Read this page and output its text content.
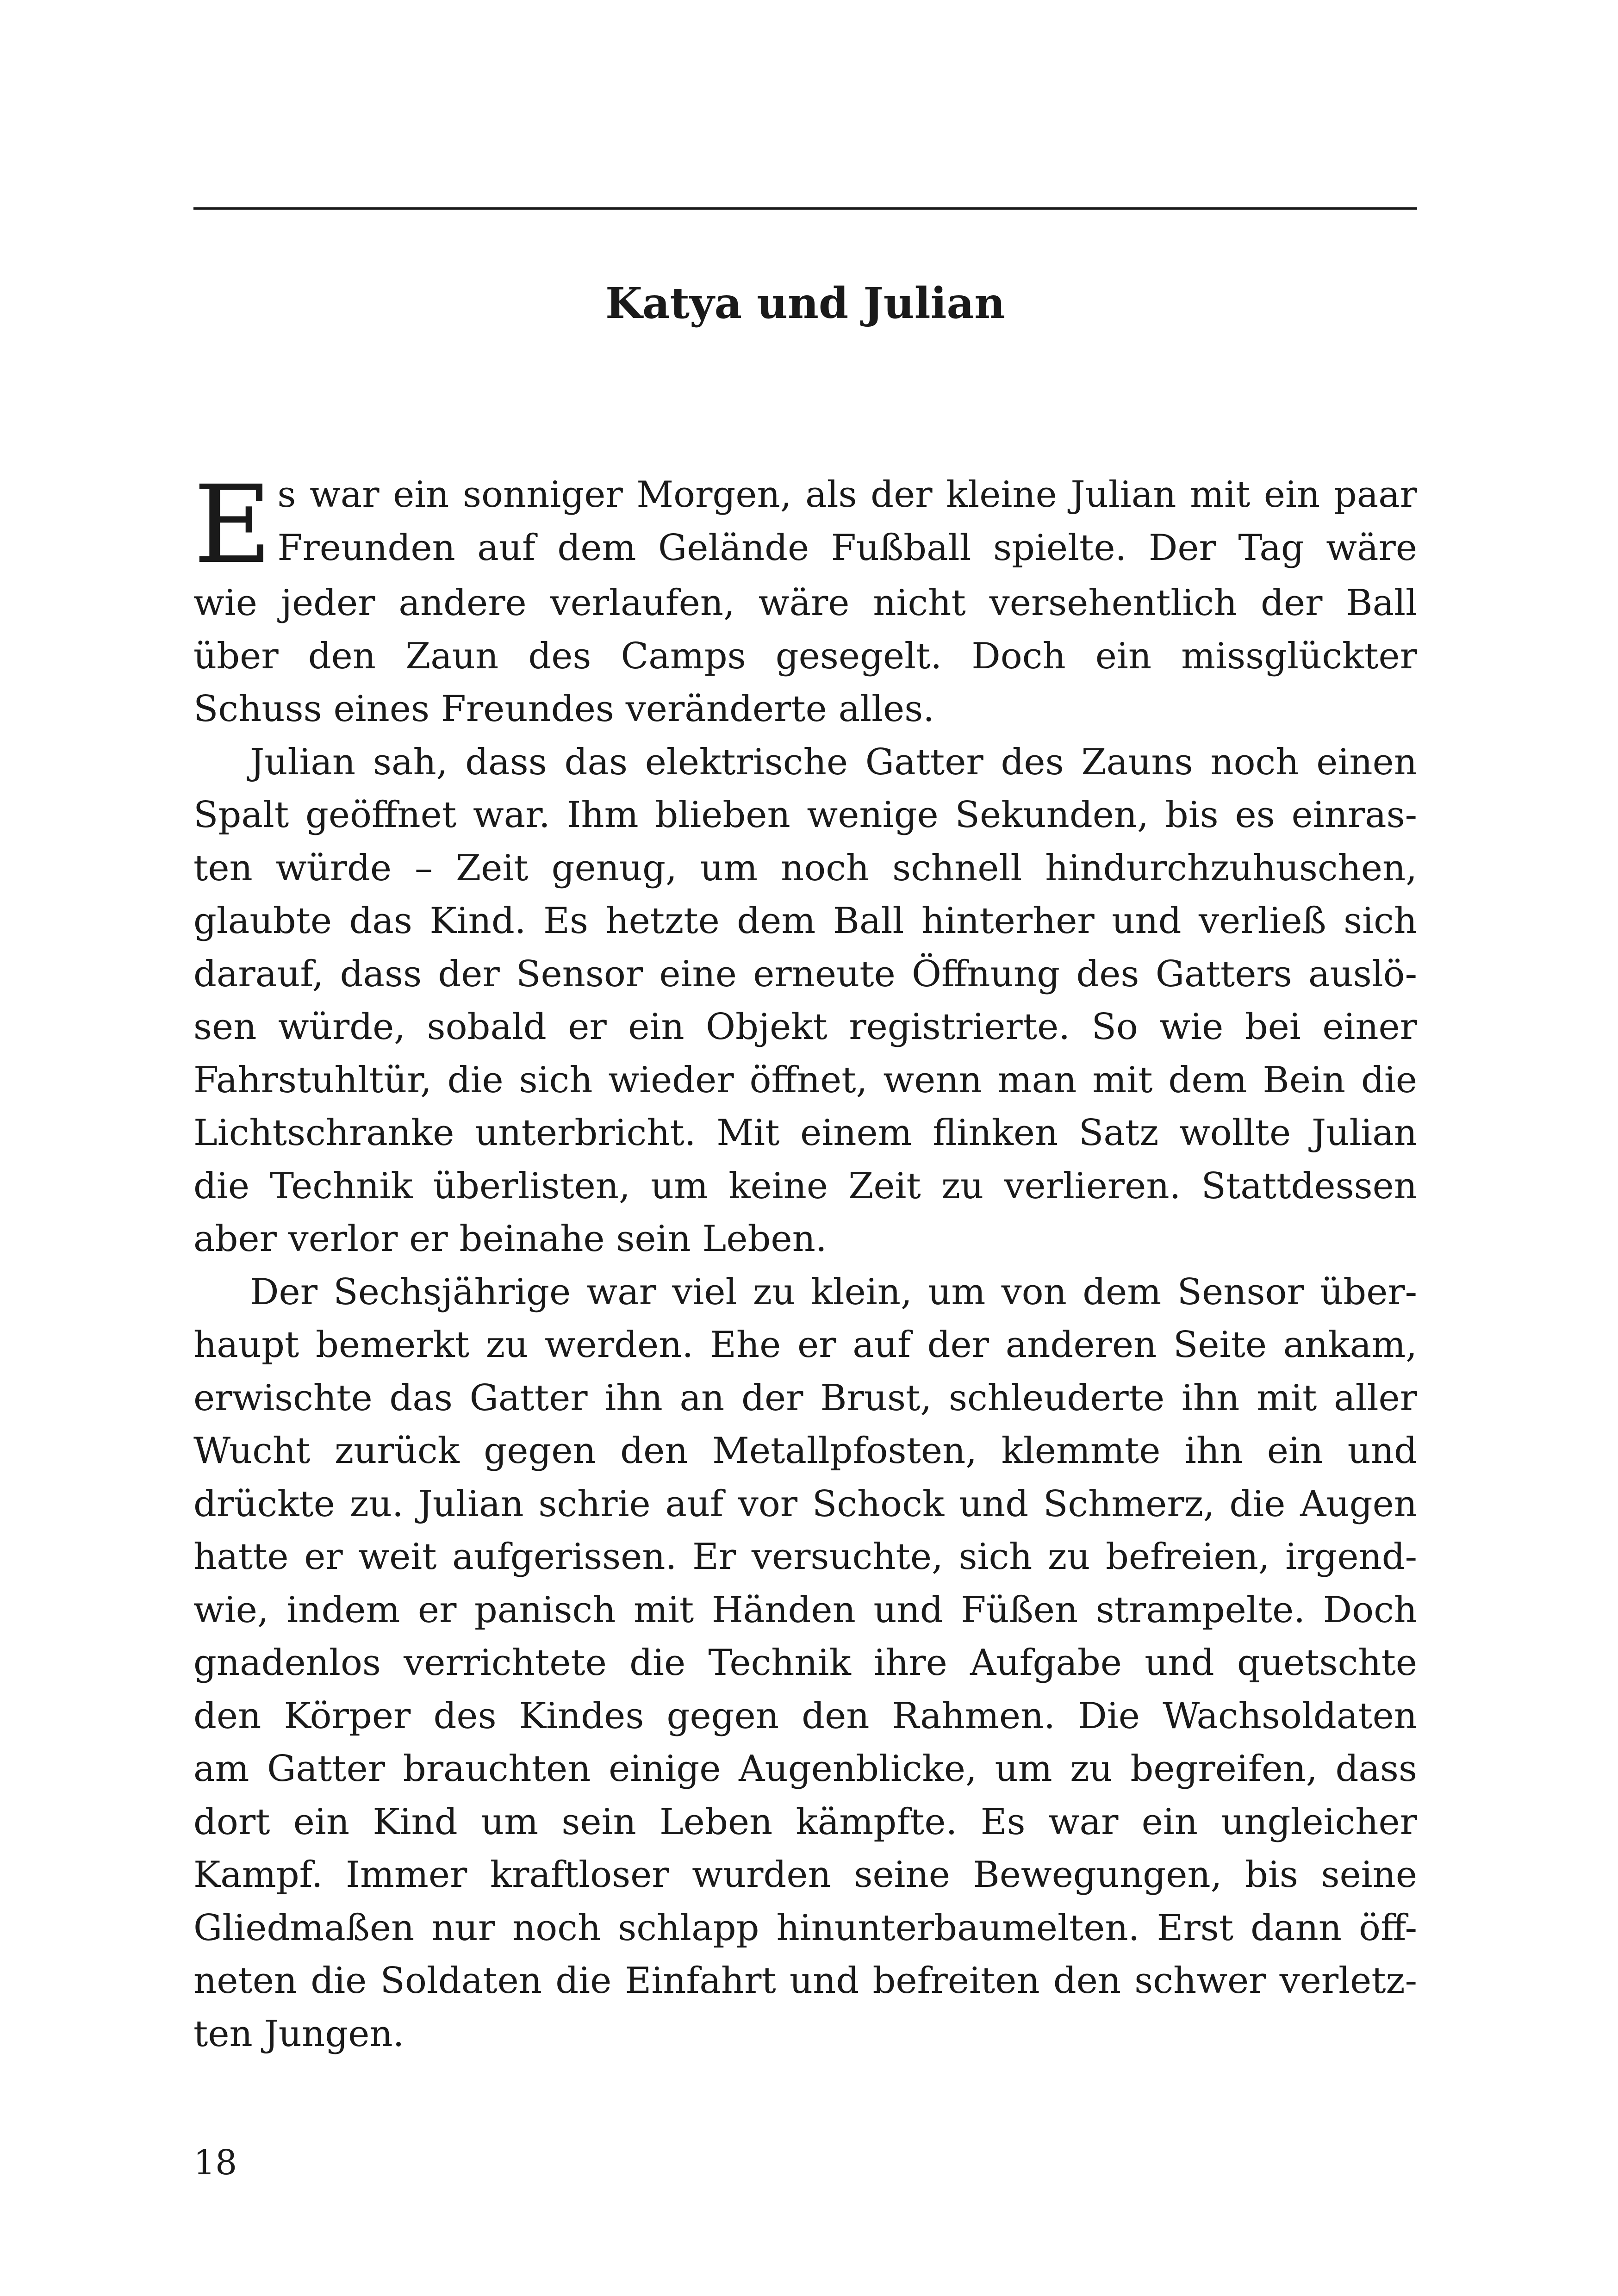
Katya und Julian

E s war ein sonniger Morgen, als der kleine Julian mit ein paar
Freunden auf dem Gelände Fußball spielte. Der Tag wäre
wie jeder andere verlaufen, wäre nicht versehentlich der Ball
über den Zaun des Camps gesegelt. Doch ein missglückter
Schuss eines Freundes veränderte alles.

Julian sah, dass das elektrische Gatter des Zauns noch einen
Spalt geöffnet war. Ihm blieben wenige Sekunden, bis es einras-
ten würde – Zeit genug, um noch schnell hindurchzuhuschen,
glaubte das Kind. Es hetzte dem Ball hinterher und verließ sich
darauf, dass der Sensor eine erneute Öffnung des Gatters auslö-
sen würde, sobald er ein Objekt registrierte. So wie bei einer
Fahrstuhltür, die sich wieder öffnet, wenn man mit dem Bein die
Lichtschranke unterbricht. Mit einem flinken Satz wollte Julian
die Technik überlisten, um keine Zeit zu verlieren. Stattdessen
aber verlor er beinahe sein Leben.

Der Sechsjährige war viel zu klein, um von dem Sensor über-
haupt bemerkt zu werden. Ehe er auf der anderen Seite ankam,
erwischte das Gatter ihn an der Brust, schleuderte ihn mit aller
Wucht zurück gegen den Metallpfosten, klemmte ihn ein und
drückte zu. Julian schrie auf vor Schock und Schmerz, die Augen
hatte er weit aufgerissen. Er versuchte, sich zu befreien, irgend-
wie, indem er panisch mit Händen und Füßen strampelte. Doch
gnadenlos verrichtete die Technik ihre Aufgabe und quetschte
den Körper des Kindes gegen den Rahmen. Die Wachsoldaten
am Gatter brauchten einige Augenblicke, um zu begreifen, dass
dort ein Kind um sein Leben kämpfte. Es war ein ungleicher
Kampf. Immer kraftloser wurden seine Bewegungen, bis seine
Gliedmaßen nur noch schlapp hinunterbaumelten. Erst dann öff-
neten die Soldaten die Einfahrt und befreiten den schwer verletz-
ten Jungen.

18
